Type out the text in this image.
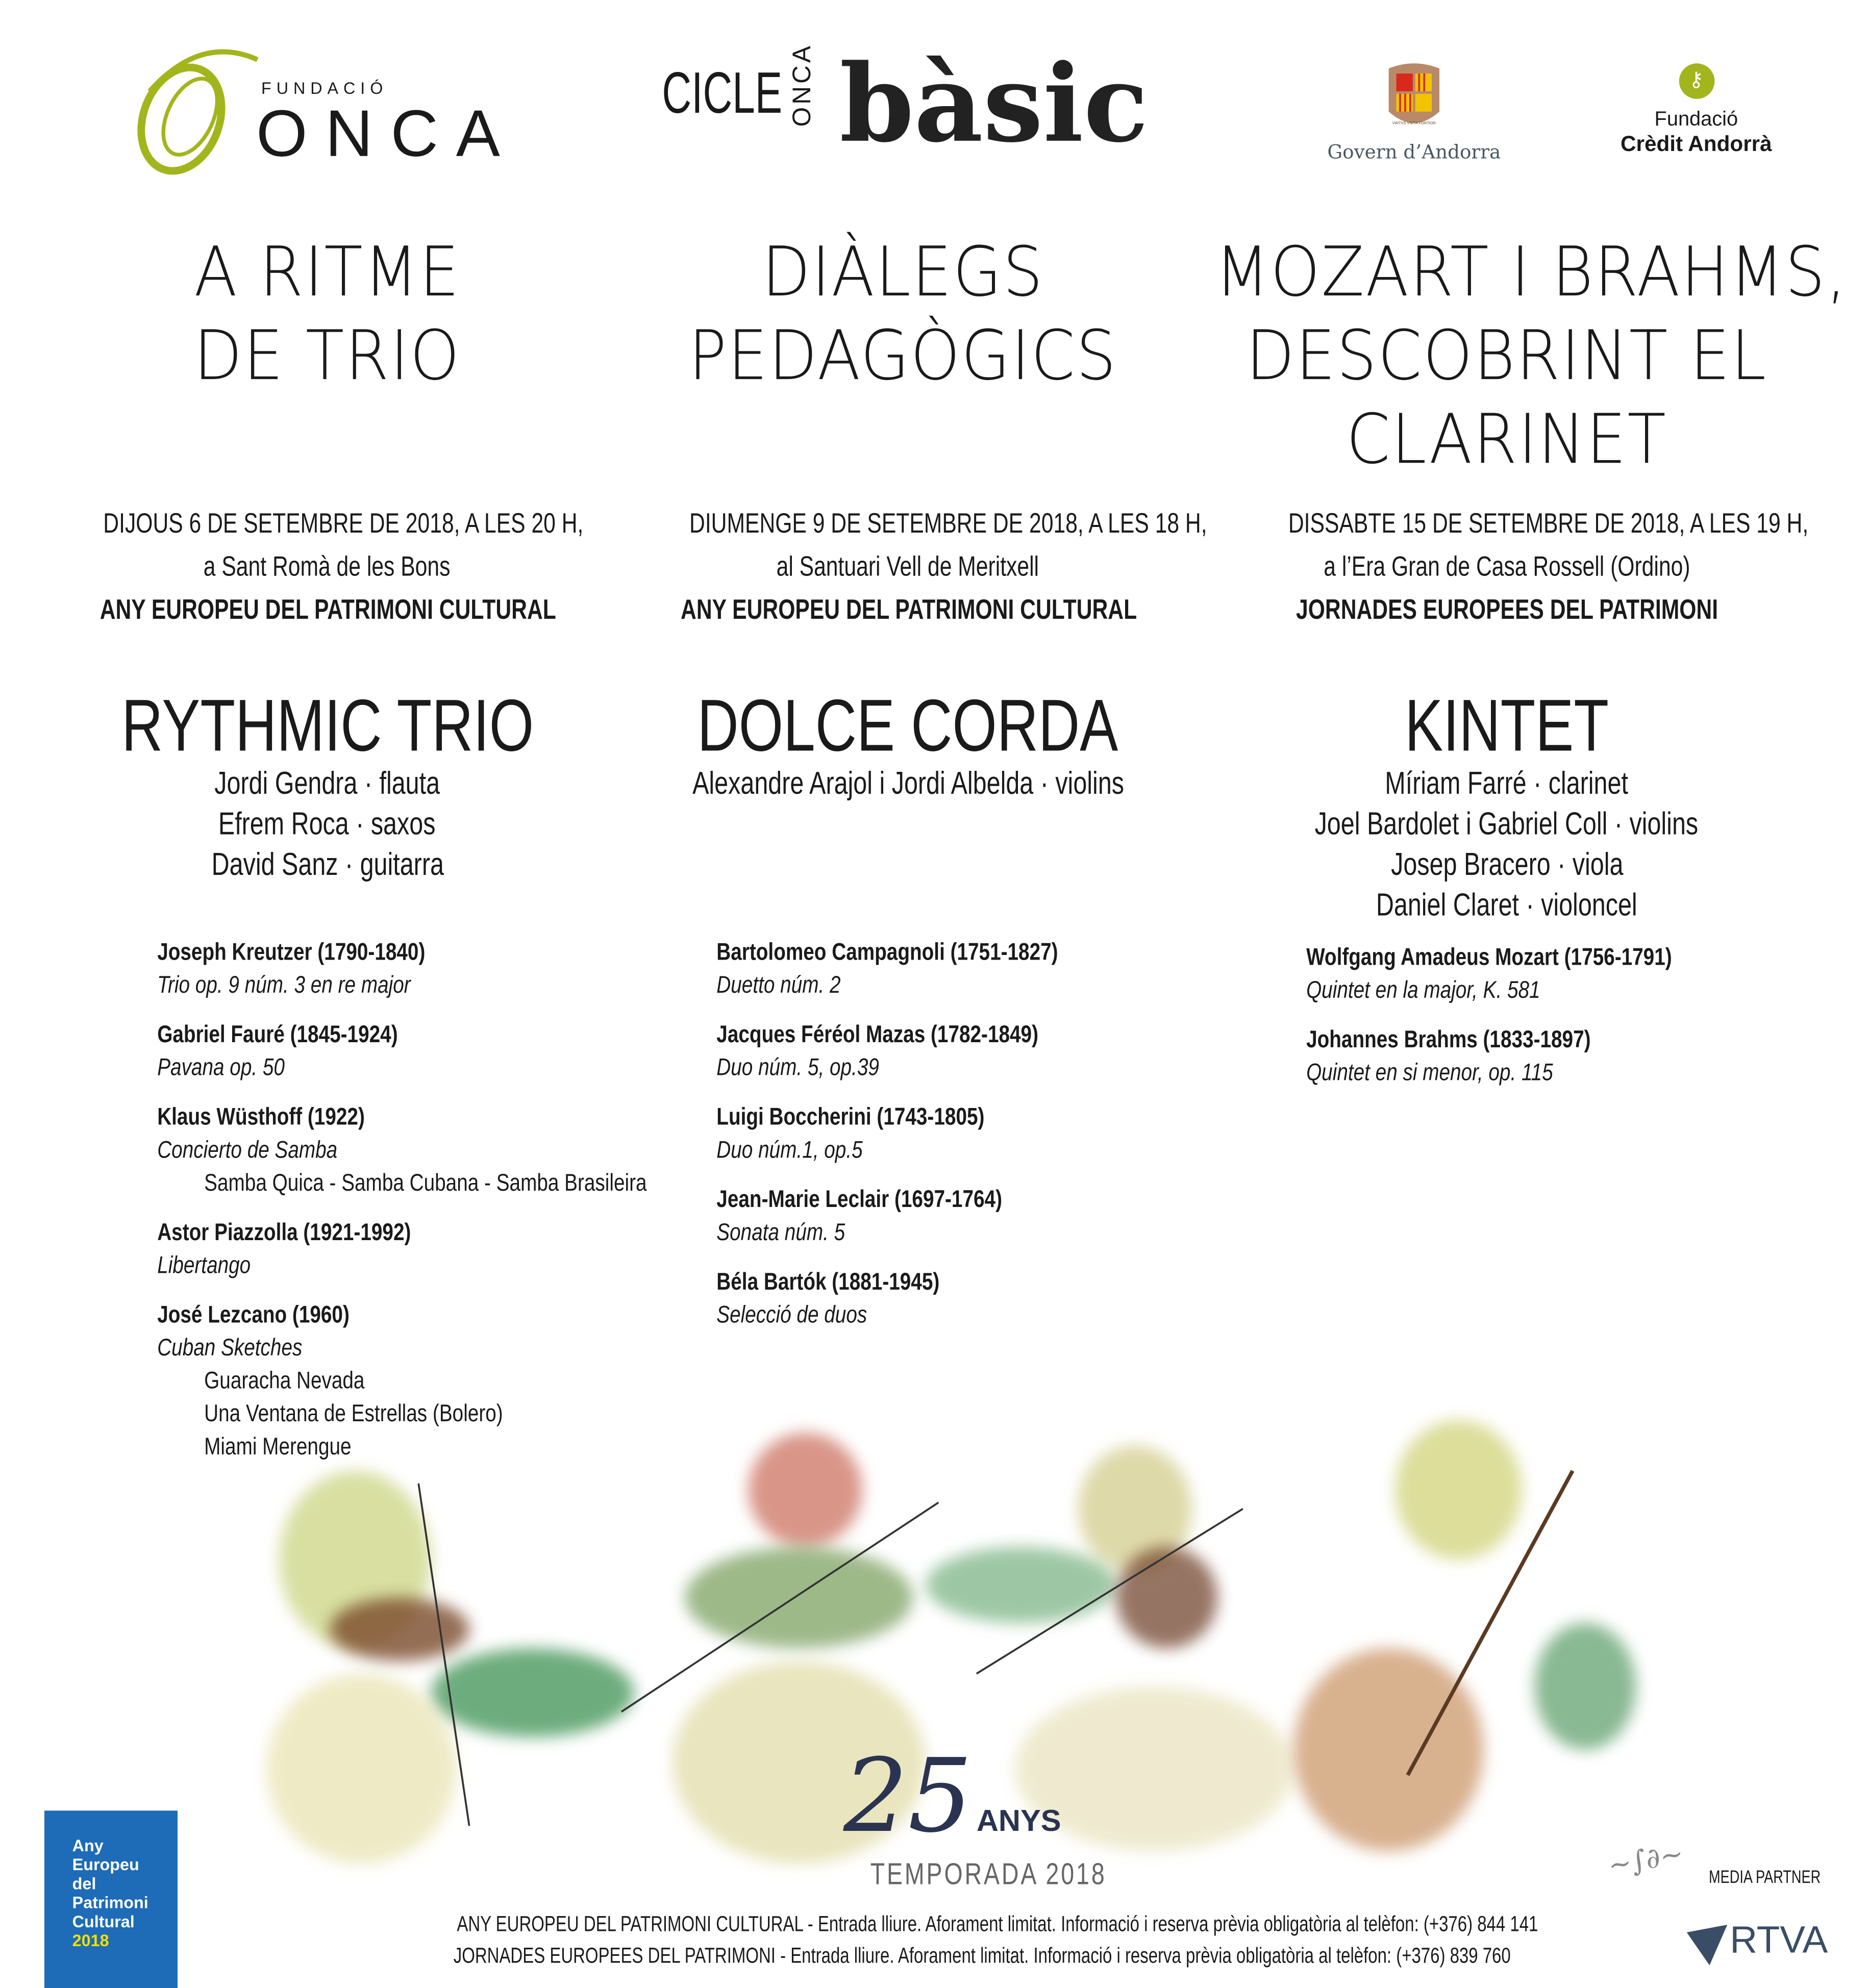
FUNDACIÓ
ONCA
CICLE ONCA bàsic	VIRTVS VNITA FORTIOR
Govern d’Andorra
⚷
Fundació
Crèdit Andorrà
A RITME
DE TRIO
DIJOUS 6 DE SETEMBRE DE 2018, A LES 20 H,
a Sant Romà de les Bons
ANY EUROPEU DEL PATRIMONI CULTURAL
RYTHMIC TRIO
Jordi Gendra · flauta
Efrem Roca · saxos
David Sanz · guitarra
Joseph Kreutzer (1790-1840)
Trio op. 9 núm. 3 en re major
Gabriel Fauré (1845-1924)
Pavana op. 50
Klaus Wüsthoff (1922)
Concierto de Samba
Samba Quica - Samba Cubana - Samba Brasileira
Astor Piazzolla (1921-1992)
Libertango
José Lezcano (1960)
Cuban Sketches
Guaracha Nevada
Una Ventana de Estrellas (Bolero)
Miami Merengue
DIÀLEGS
PEDAGÒGICS
DIUMENGE 9 DE SETEMBRE DE 2018, A LES 18 H,
al Santuari Vell de Meritxell
ANY EUROPEU DEL PATRIMONI CULTURAL
DOLCE CORDA
Alexandre Arajol i Jordi Albelda · violins
Bartolomeo Campagnoli (1751-1827)
Duetto núm. 2
Jacques Féréol Mazas (1782-1849)
Duo núm. 5, op.39
Luigi Boccherini (1743-1805)
Duo núm.1, op.5
Jean-Marie Leclair (1697-1764)
Sonata núm. 5
Béla Bartók (1881-1945)
Selecció de duos
MOZART I BRAHMS,
DESCOBRINT EL
CLARINET
DISSABTE 15 DE SETEMBRE DE 2018, A LES 19 H,
a l’Era Gran de Casa Rossell (Ordino)
JORNADES EUROPEES DEL PATRIMONI
KINTET
Míriam Farré · clarinet
Joel Bardolet i Gabriel Coll · violins
Josep Bracero · viola
Daniel Claret · violoncel
Wolfgang Amadeus Mozart (1756-1791)
Quintet en la major, K. 581
Johannes Brahms (1833-1897)
Quintet en si menor, op. 115
25 ANYS
TEMPORADA 2018
Any
Europeu
del
Patrimoni
Cultural
2018
ANY EUROPEU DEL PATRIMONI CULTURAL - Entrada lliure. Aforament limitat. Informació i reserva prèvia obligatòria al telèfon: (+376) 844 141
JORNADES EUROPEES DEL PATRIMONI - Entrada lliure. Aforament limitat. Informació i reserva prèvia obligatòria al telèfon: (+376) 839 760
~∫∂~	MEDIA PARTNER
RTVA
